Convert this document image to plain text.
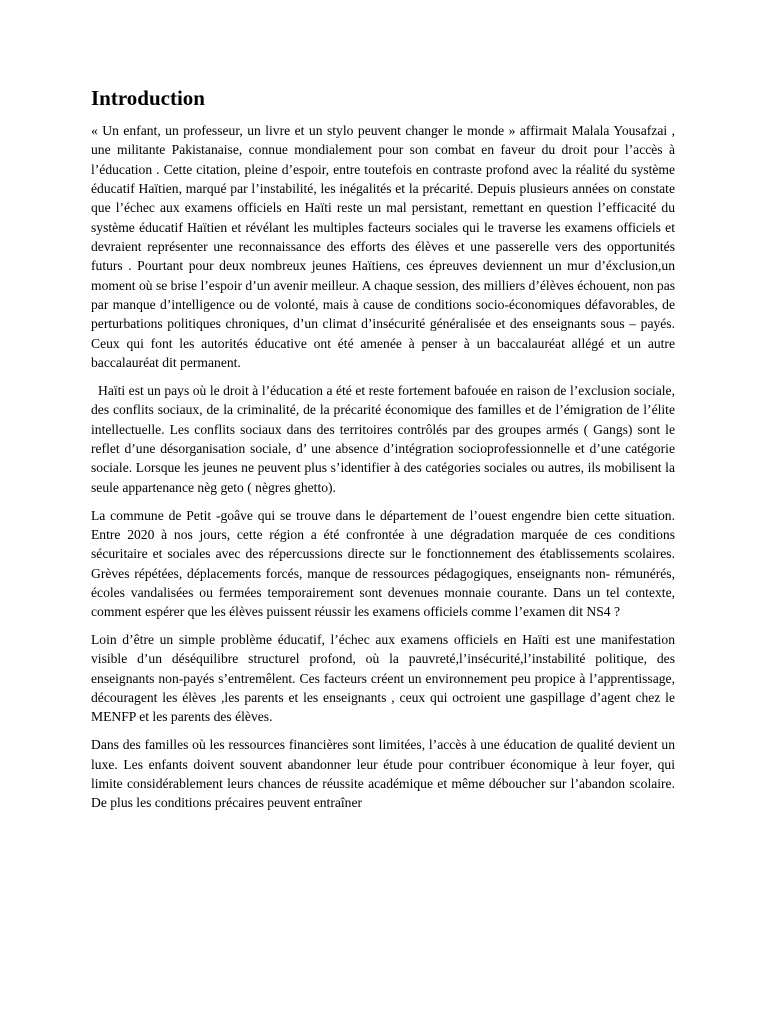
Introduction

« Un enfant, un professeur, un livre et un stylo peuvent changer le monde » affirmait Malala Yousafzai , une militante Pakistanaise, connue mondialement pour son combat en faveur du droit pour l’accès à l’éducation . Cette citation, pleine d’espoir, entre toutefois en contraste profond avec la réalité du système éducatif Haïtien, marqué par l’instabilité, les inégalités et la précarité. Depuis plusieurs années on constate que l’échec aux examens officiels en Haïti reste un mal persistant, remettant en question l’efficacité du système éducatif Haïtien et révélant les multiples facteurs sociales qui le traverse les examens officiels et devraient représenter une reconnaissance des efforts des élèves et une passerelle vers des opportunités futurs . Pourtant pour deux nombreux jeunes Haïtiens, ces épreuves deviennent un mur d’éxclusion,un moment où se brise l’espoir d’un avenir meilleur. A chaque session, des milliers d’élèves échouent, non pas par manque d’intelligence ou de volonté, mais à cause de conditions socio-économiques défavorables, de perturbations politiques chroniques, d’un climat d’insécurité généralisée et des enseignants sous – payés. Ceux qui font les autorités éducative ont été amenée à penser à un baccalauréat allégé et un autre baccalauréat dit permanent.

Haïti est un pays où le droit à l’éducation a été et reste fortement bafouée en raison de l’exclusion sociale, des conflits sociaux, de la criminalité, de la précarité économique des familles et de l’émigration de l’élite intellectuelle. Les conflits sociaux dans des territoires contrôlés par des groupes armés ( Gangs) sont le reflet d’une désorganisation sociale, d’ une absence d’intégration socioprofessionnelle et d’une catégorie sociale. Lorsque les jeunes ne peuvent plus s’identifier à des catégories sociales ou autres, ils mobilisent la seule appartenance nèg geto ( nègres ghetto).

La commune de Petit -goâve qui se trouve dans le département de l’ouest engendre bien cette situation. Entre 2020 à nos jours, cette région a été confrontée à une dégradation marquée de ces conditions sécuritaire et sociales avec des répercussions directe sur le fonctionnement des établissements scolaires. Grèves répétées, déplacements forcés, manque de ressources pédagogiques, enseignants non- rémunérés, écoles vandalisées ou fermées temporairement sont devenues monnaie courante. Dans un tel contexte, comment espérer que les élèves puissent réussir les examens officiels comme l’examen dit NS4 ?

Loin d’être un simple problème éducatif, l’échec aux examens officiels en Haïti est une manifestation visible d’un déséquilibre structurel profond, où la pauvreté,l’insécurité,l’instabilité politique, des enseignants non-payés s’entremêlent. Ces facteurs créent un environnement peu propice à l’apprentissage, découragent les élèves ,les parents et les enseignants , ceux qui octroient une gaspillage d’agent chez le MENFP et les parents des élèves.

Dans des familles où les ressources financières sont limitées, l’accès à une éducation de qualité devient un luxe. Les enfants doivent souvent abandonner leur étude pour contribuer économique à leur foyer, qui limite considérablement leurs chances de réussite académique et même déboucher sur l’abandon scolaire. De plus les conditions précaires peuvent entraîner
